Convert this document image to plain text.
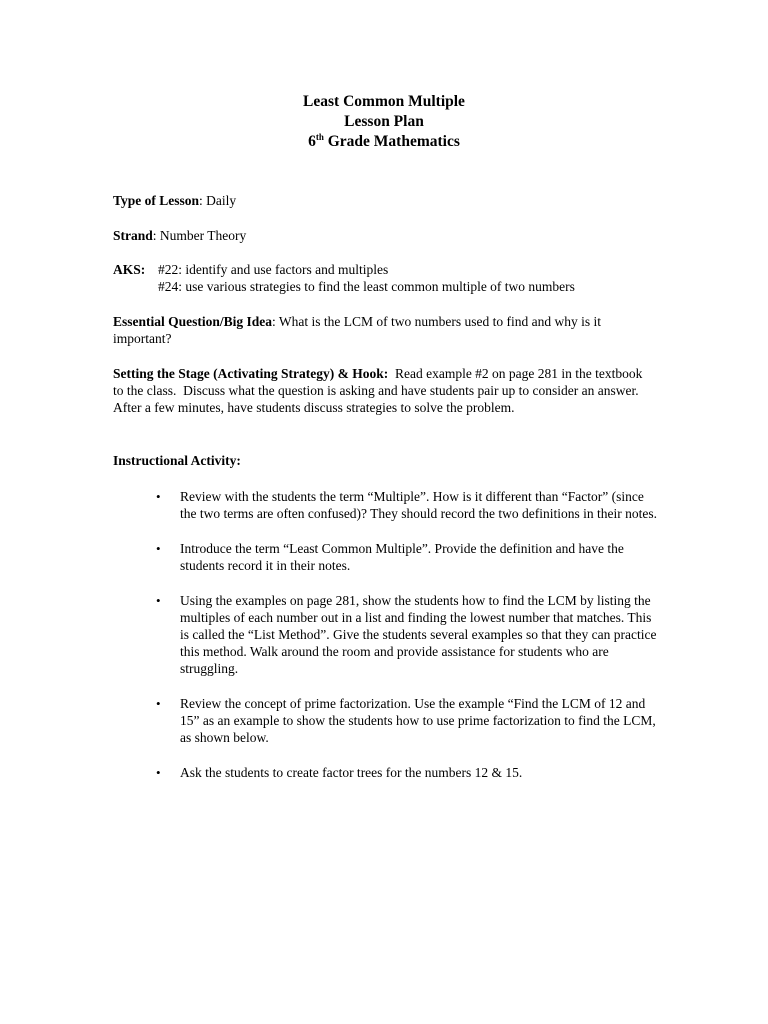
Least Common Multiple
Lesson Plan
6th Grade Mathematics
Type of Lesson: Daily
Strand: Number Theory
AKS: #22: identify and use factors and multiples
#24: use various strategies to find the least common multiple of two numbers
Essential Question/Big Idea: What is the LCM of two numbers used to find and why is it important?
Setting the Stage (Activating Strategy) & Hook:  Read example #2 on page 281 in the textbook to the class.  Discuss what the question is asking and have students pair up to consider an answer.  After a few minutes, have students discuss strategies to solve the problem.
Instructional Activity:
• Review with the students the term “Multiple”. How is it different than “Factor” (since the two terms are often confused)? They should record the two definitions in their notes.
• Introduce the term “Least Common Multiple”. Provide the definition and have the students record it in their notes.
• Using the examples on page 281, show the students how to find the LCM by listing the multiples of each number out in a list and finding the lowest number that matches. This is called the “List Method”. Give the students several examples so that they can practice this method. Walk around the room and provide assistance for students who are struggling.
• Review the concept of prime factorization. Use the example “Find the LCM of 12 and 15” as an example to show the students how to use prime factorization to find the LCM, as shown below.
• Ask the students to create factor trees for the numbers 12 & 15.
